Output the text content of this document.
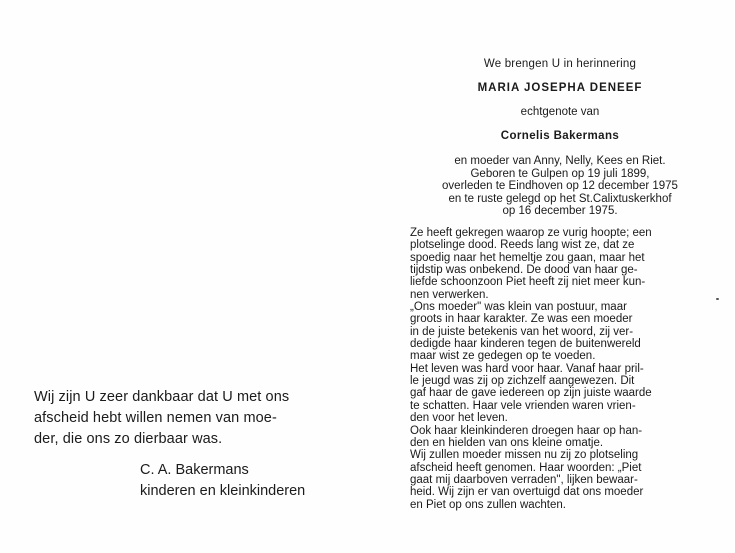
Wij zijn U zeer dankbaar dat U met ons
afscheid hebt willen nemen van moe-
der, die ons zo dierbaar was.
C. A. Bakermans
kinderen en kleinkinderen
We brengen U in herinnering
MARIA JOSEPHA DENEEF
echtgenote van
Cornelis Bakermans
en moeder van Anny, Nelly, Kees en Riet.
Geboren te Gulpen op 19 juli 1899,
overleden te Eindhoven op 12 december 1975
en te ruste gelegd op het St.Calixtuskerkhof
op 16 december 1975.
Ze heeft gekregen waarop ze vurig hoopte; een
plotselinge dood. Reeds lang wist ze, dat ze
spoedig naar het hemeltje zou gaan, maar het
tijdstip was onbekend. De dood van haar ge-
liefde schoonzoon Piet heeft zij niet meer kun-
nen verwerken.
„Ons moeder" was klein van postuur, maar
groots in haar karakter. Ze was een moeder
in de juiste betekenis van het woord, zij ver-
dedigde haar kinderen tegen de buitenwereld
maar wist ze gedegen op te voeden.
Het leven was hard voor haar. Vanaf haar pril-
le jeugd was zij op zichzelf aangewezen. Dit
gaf haar de gave iedereen op zijn juiste waarde
te schatten. Haar vele vrienden waren vrien-
den voor het leven.
Ook haar kleinkinderen droegen haar op han-
den en hielden van ons kleine omatje.
Wij zullen moeder missen nu zij zo plotseling
afscheid heeft genomen. Haar woorden: „Piet
gaat mij daarboven verraden", lijken bewaar-
heid. Wij zijn er van overtuigd dat ons moeder
en Piet op ons zullen wachten.
